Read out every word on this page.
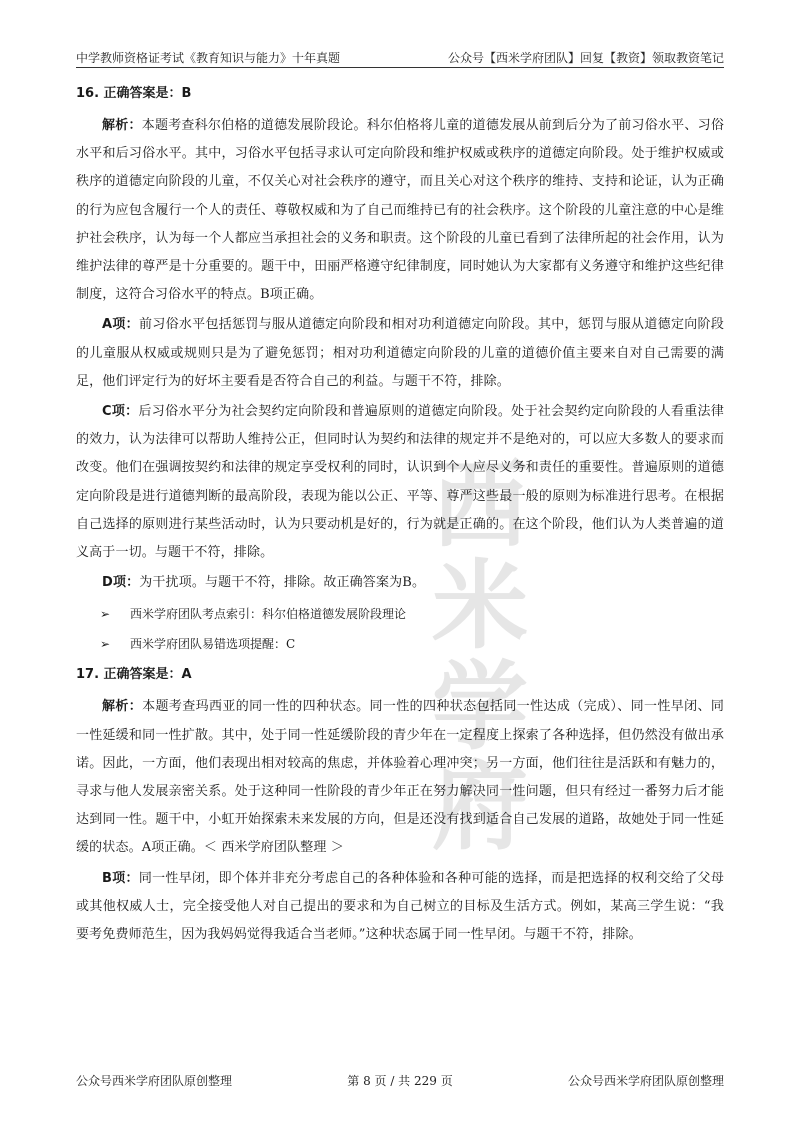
中学教师资格证考试《教育知识与能力》十年真题	公众号【西米学府团队】回复【教资】领取教资笔记
西米学府
16. 正确答案是：B

解析：本题考查科尔伯格的道德发展阶段论。科尔伯格将儿童的道德发展从前到后分为了前习俗水平、习俗水平和后习俗水平。其中，习俗水平包括寻求认可定向阶段和维护权威或秩序的道德定向阶段。处于维护权威或秩序的道德定向阶段的儿童，不仅关心对社会秩序的遵守，而且关心对这个秩序的维持、支持和论证，认为正确的行为应包含履行一个人的责任、尊敬权威和为了自己而维持已有的社会秩序。这个阶段的儿童注意的中心是维护社会秩序，认为每一个人都应当承担社会的义务和职责。这个阶段的儿童已看到了法律所起的社会作用，认为维护法律的尊严是十分重要的。题干中，田丽严格遵守纪律制度，同时她认为大家都有义务遵守和维护这些纪律制度，这符合习俗水平的特点。B项正确。

A项：前习俗水平包括惩罚与服从道德定向阶段和相对功利道德定向阶段。其中，惩罚与服从道德定向阶段的儿童服从权威或规则只是为了避免惩罚；相对功利道德定向阶段的儿童的道德价值主要来自对自己需要的满足，他们评定行为的好坏主要看是否符合自己的利益。与题干不符，排除。

C项：后习俗水平分为社会契约定向阶段和普遍原则的道德定向阶段。处于社会契约定向阶段的人看重法律的效力，认为法律可以帮助人维持公正，但同时认为契约和法律的规定并不是绝对的，可以应大多数人的要求而改变。他们在强调按契约和法律的规定享受权利的同时，认识到个人应尽义务和责任的重要性。普遍原则的道德定向阶段是进行道德判断的最高阶段，表现为能以公正、平等、尊严这些最一般的原则为标准进行思考。在根据自己选择的原则进行某些活动时，认为只要动机是好的，行为就是正确的。在这个阶段，他们认为人类普遍的道义高于一切。与题干不符，排除。

D项：为干扰项。与题干不符，排除。故正确答案为B。

➢	西米学府团队考点索引：科尔伯格道德发展阶段理论
➢	西米学府团队易错选项提醒：C
17. 正确答案是：A

解析：本题考查玛西亚的同一性的四种状态。同一性的四种状态包括同一性达成（完成）、同一性早闭、同一性延缓和同一性扩散。其中，处于同一性延缓阶段的青少年在一定程度上探索了各种选择，但仍然没有做出承诺。因此，一方面，他们表现出相对较高的焦虑，并体验着心理冲突；另一方面，他们往往是活跃和有魅力的，寻求与他人发展亲密关系。处于这种同一性阶段的青少年正在努力解决同一性问题，但只有经过一番努力后才能达到同一性。题干中，小虹开始探索未来发展的方向，但是还没有找到适合自己发展的道路，故她处于同一性延缓的状态。A项正确。＜ 西米学府团队整理 ＞

B项：同一性早闭，即个体并非充分考虑自己的各种体验和各种可能的选择，而是把选择的权利交给了父母或其他权威人士，完全接受他人对自己提出的要求和为自己树立的目标及生活方式。例如，某高三学生说：“我要考免费师范生，因为我妈妈觉得我适合当老师。”这种状态属于同一性早闭。与题干不符，排除。

公众号西米学府团队原创整理	第 8 页 / 共 229 页	公众号西米学府团队原创整理
